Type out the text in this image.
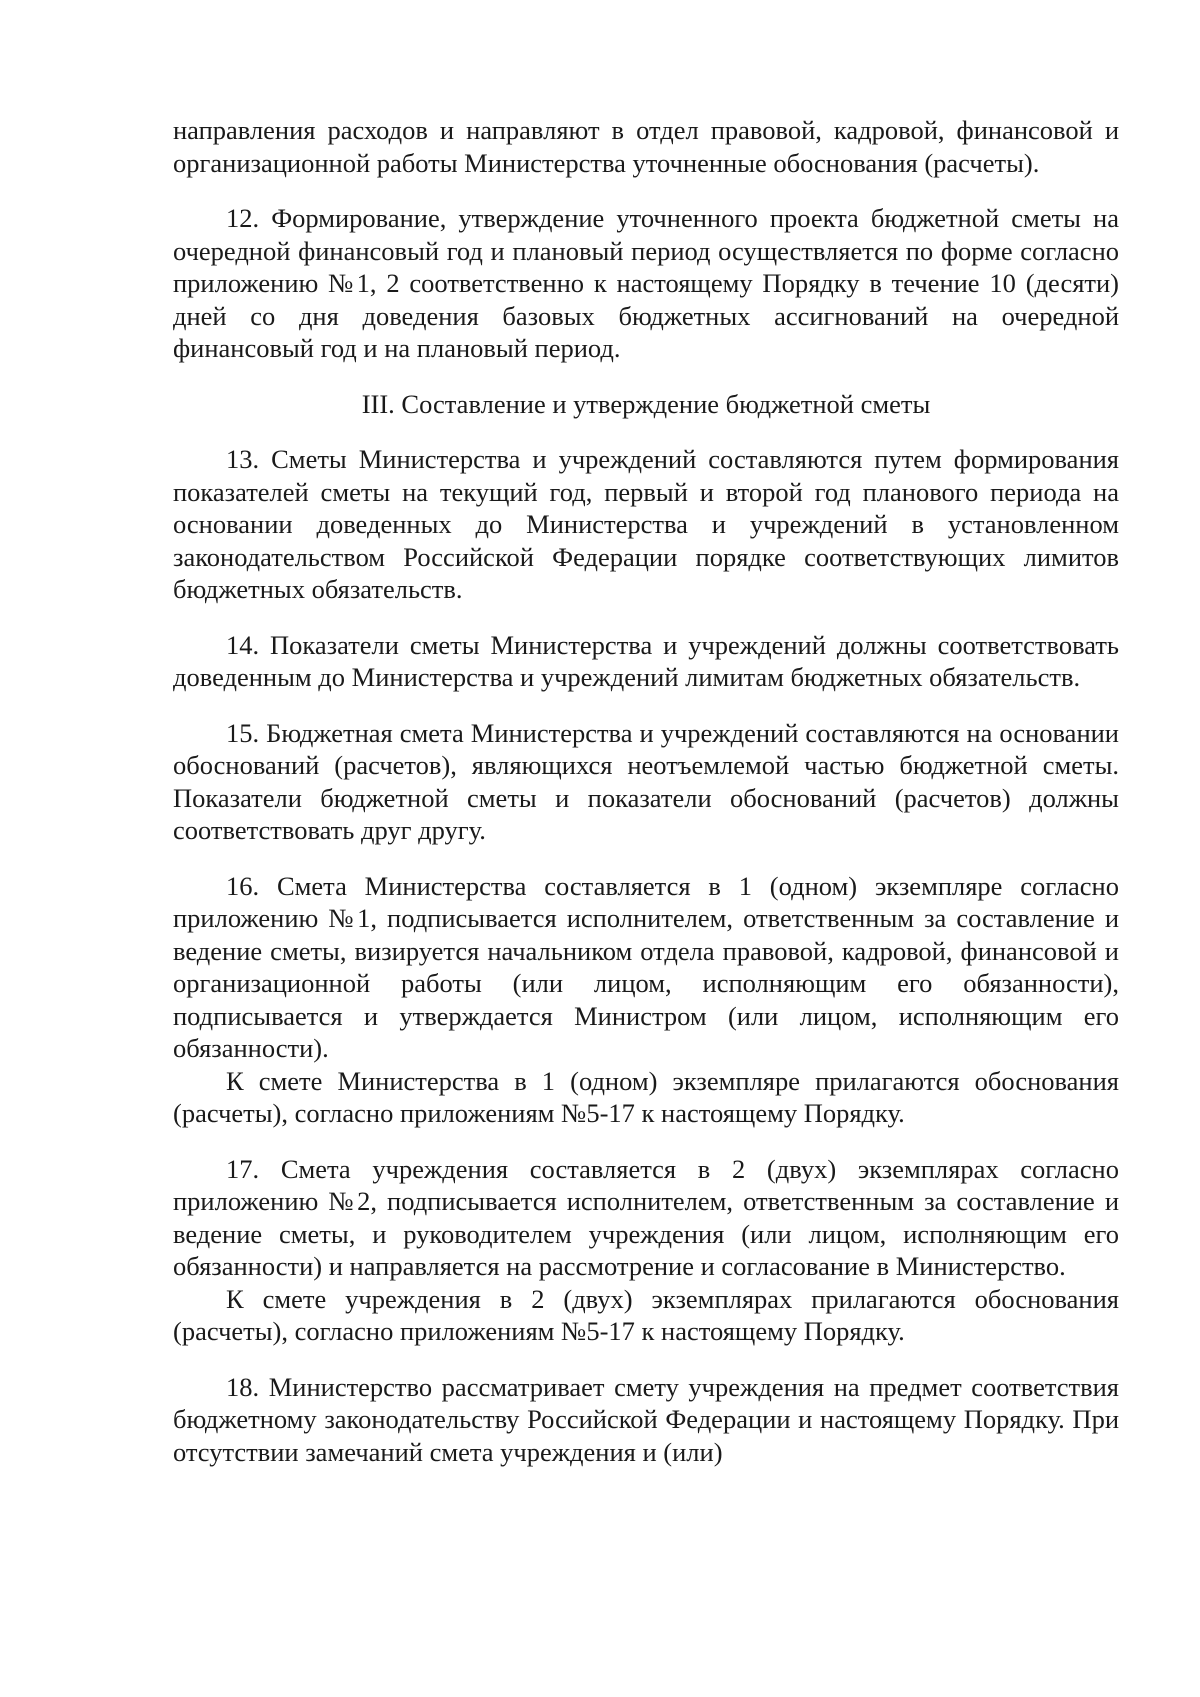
направления расходов и направляют в отдел правовой, кадровой, финансовой и организационной работы Министерства уточненные обоснования (расчеты).

12. Формирование, утверждение уточненного проекта бюджетной сметы на очередной финансовый год и плановый период осуществляется по форме согласно приложению №1, 2 соответственно к настоящему Порядку в течение 10 (десяти) дней со дня доведения базовых бюджетных ассигнований на очередной финансовый год и на плановый период.

III. Составление и утверждение бюджетной сметы

13. Сметы Министерства и учреждений составляются путем формирования показателей сметы на текущий год, первый и второй год планового периода на основании доведенных до Министерства и учреждений в установленном законодательством Российской Федерации порядке соответствующих лимитов бюджетных обязательств.

14. Показатели сметы Министерства и учреждений должны соответствовать доведенным до Министерства и учреждений лимитам бюджетных обязательств.

15. Бюджетная смета Министерства и учреждений составляются на основании обоснований (расчетов), являющихся неотъемлемой частью бюджетной сметы. Показатели бюджетной сметы и показатели обоснований (расчетов) должны соответствовать друг другу.

16. Смета Министерства составляется в 1 (одном) экземпляре согласно приложению №1, подписывается исполнителем, ответственным за составление и ведение сметы, визируется начальником отдела правовой, кадровой, финансовой и организационной работы (или лицом, исполняющим его обязанности), подписывается и утверждается Министром (или лицом, исполняющим его обязанности).

К смете Министерства в 1 (одном) экземпляре прилагаются обоснования (расчеты), согласно приложениям №5-17 к настоящему Порядку.

17. Смета учреждения составляется в 2 (двух) экземплярах согласно приложению №2, подписывается исполнителем, ответственным за составление и ведение сметы, и руководителем учреждения (или лицом, исполняющим его обязанности) и направляется на рассмотрение и согласование в Министерство.

К смете учреждения в 2 (двух) экземплярах прилагаются обоснования (расчеты), согласно приложениям №5-17 к настоящему Порядку.

18. Министерство рассматривает смету учреждения на предмет соответствия бюджетному законодательству Российской Федерации и настоящему Порядку. При отсутствии замечаний смета учреждения и (или)
